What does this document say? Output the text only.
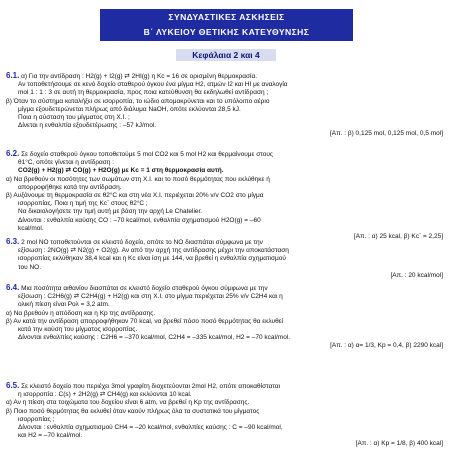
ΣΥΝΔΥΑΣΤΙΚΕΣ ΑΣΚΗΣΕΙΣ
Β΄ ΛΥΚΕΙΟΥ ΘΕΤΙΚΗΣ ΚΑΤΕΥΘΥΝΣΗΣ
Κεφάλαια 2 και 4
6.1. α) Για την αντίδραση : H2(g) + I2(g) ⇄ 2HI(g) η Kc = 16 σε ορισμένη θερμοκρασία.
Αν τοποθετήσουμε σε κενό δοχείο σταθερού όγκου ένα μίγμα H2, ατμών I2 και HI με αναλογία
mol 1 : 1 : 3 σε αυτή τη θερμοκρασία, προς ποια κατεύθυνση θα εκδηλωθεί αντίδραση ;
β) Όταν το σύστημα καταλήξει σε ισορροπία, το ιώδιο απομακρύνεται και το υπόλοιπο αέριο
μίγμα εξουδετερώνεται πλήρως από διάλυμα NaOH, οπότε εκλύονται 28,5 kJ.
Ποια η σύσταση του μίγματος στη Χ.Ι. ;
Δίνεται η ενθαλπία εξουδετέρωσης : –57 kJ/mol.
[Απ. : β) 0,125 mol, 0,125 mol, 0,5 mol]
6.2. Σε δοχείο σταθερού όγκου τοποθετούμε 5 mol CO2 και 5 mol H2 και θερμαίνουμε στους
θ1°C, οπότε γίνεται η αντίδραση :
CO2(g) + H2(g) ⇄ CO(g) + H2O(g) με Kc = 1 στη θερμοκρασία αυτή.
α) Να βρεθούν οι ποσότητες των σωμάτων στη Χ.Ι. και το ποσό θερμότητας που εκλύθηκε ή
απορροφήθηκε κατά την αντίδραση.
β) Αυξάνουμε τη θερμοκρασία σε θ2°C και στη νέα Χ.Ι. περιέχεται 20% v/v CO2 στο μίγμα
ισορροπίας. Ποια η τιμή της Kc΄ στους θ2°C ;
Να δικαιολογήσετε την τιμή αυτή με βάση την αρχή Le Chatelier.
Δίνονται : ενθαλπία καύσης CO : –70 kcal/mol, ενθαλπία σχηματισμού H2O(g) = –60
kcal/mol.
[Απ. : α) 25 kcal, β) Kc΄ = 2,25]
6.3. 2 mol NO τοποθετούνται σε κλειστό δοχείο, οπότε το NO διασπάται σύμφωνα με την
εξίσωση : 2NO(g) ⇄ N2(g) + O2(g). Αν από την αρχή της αντίδρασης μέχρι την αποκατάσταση
ισορροπίας εκλύθηκαν 38,4 kcal και η Kc είναι ίση με 144, να βρεθεί η ενθαλπία σχηματισμού
του NO.
[Απ. : 20 kcal/mol]
6.4. Μια ποσότητα αιθανίου διασπάται σε κλειστό δοχείο σταθερού όγκου σύμφωνα με την
εξίσωση : C2H6(g) ⇄ C2H4(g) + H2(g) και στη Χ.Ι. στο μίγμα περιέχεται 25% v/v C2H4 και η
ολική πίεση είναι Pολ = 3,2 atm.
α) Να βρεθούν η απόδοση και η Kp της αντίδρασης.
β) Αν κατά την αντίδραση απορροφήθηκαν 70 kcal, να βρεθεί πόσο ποσό θερμότητας θα εκλυθεί
κατά την καύση του μίγματος ισορροπίας.
Δίνονται ενθαλπίες καύσης : C2H6 = –370 kcal/mol, C2H4 = –335 kcal/mol, H2 = –70 kcal/mol.
[Απ. : α) α= 1/3, Kp = 0,4, β) 2290 kcal]
6.5. Σε κλειστό δοχείο που περιέχει 3mol γραφίτη διοχετεύονται 2mol H2, οπότε αποκαθίσταται
η ισορροπία : C(s) + 2H2(g) ⇄ CH4(g) και εκλύονται 10 kcal.
α) Αν η πίεση στα τοιχώματα του δοχείου είναι 6 atm, να βρεθεί η Kp της αντίδρασης.
β) Ποιο ποσό θερμότητας θα εκλυθεί όταν καούν πλήρως όλα τα συστατικά του μίγματος
ισορροπίας ;
Δίνονται : ενθαλπία σχηματισμού CH4 = –20 kcal/mol, ενθαλπίες καύσης : C = –90 kcal/mol,
και H2 = –70 kcal/mol.
[Απ. : α) Kp = 1/8, β) 400 kcal]
